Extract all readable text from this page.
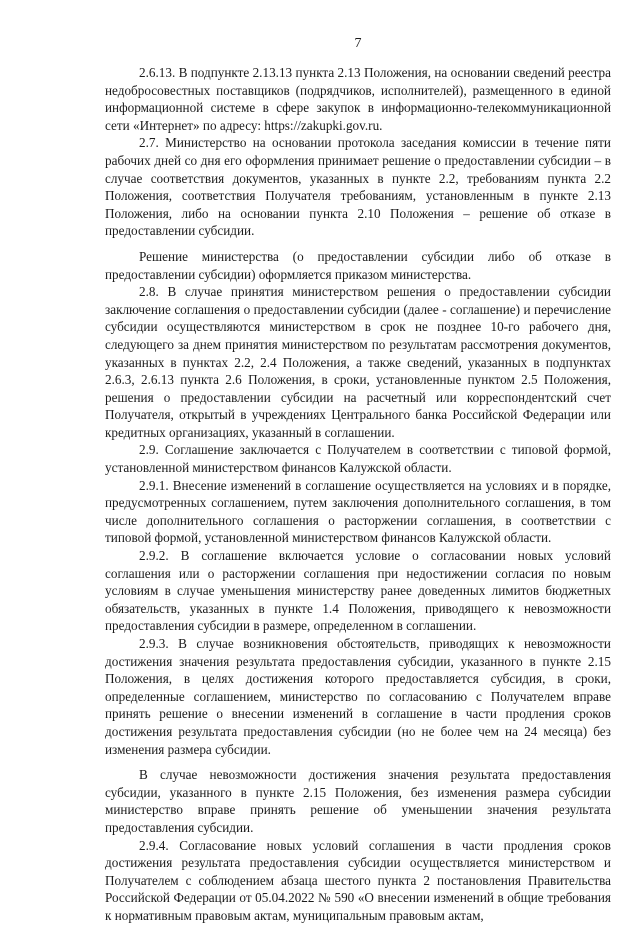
7

2.6.13. В подпункте 2.13.13 пункта 2.13 Положения, на основании сведений реестра недобросовестных поставщиков (подрядчиков, исполнителей), размещенного в единой информационной системе в сфере закупок в информационно-телекоммуникационной сети «Интернет» по адресу: https://zakupki.gov.ru.

2.7. Министерство на основании протокола заседания комиссии в течение пяти рабочих дней со дня его оформления принимает решение о предоставлении субсидии – в случае соответствия документов, указанных в пункте 2.2, требованиям пункта 2.2 Положения, соответствия Получателя требованиям, установленным в пункте 2.13 Положения, либо на основании пункта 2.10 Положения – решение об отказе в предоставлении субсидии.

Решение министерства (о предоставлении субсидии либо об отказе в предоставлении субсидии) оформляется приказом министерства.

2.8. В случае принятия министерством решения о предоставлении субсидии заключение соглашения о предоставлении субсидии (далее - соглашение) и перечисление субсидии осуществляются министерством в срок не позднее 10-го рабочего дня, следующего за днем принятия министерством по результатам рассмотрения документов, указанных в пунктах 2.2, 2.4 Положения, а также сведений, указанных в подпунктах 2.6.3, 2.6.13 пункта 2.6 Положения, в сроки, установленные пунктом 2.5 Положения, решения о предоставлении субсидии на расчетный или корреспондентский счет Получателя, открытый в учреждениях Центрального банка Российской Федерации или кредитных организациях, указанный в соглашении.

2.9. Соглашение заключается с Получателем в соответствии с типовой формой, установленной министерством финансов Калужской области.

2.9.1. Внесение изменений в соглашение осуществляется на условиях и в порядке, предусмотренных соглашением, путем заключения дополнительного соглашения, в том числе дополнительного соглашения о расторжении соглашения, в соответствии с типовой формой, установленной министерством финансов Калужской области.

2.9.2. В соглашение включается условие о согласовании новых условий соглашения или о расторжении соглашения при недостижении согласия по новым условиям в случае уменьшения министерству ранее доведенных лимитов бюджетных обязательств, указанных в пункте 1.4 Положения, приводящего к невозможности предоставления субсидии в размере, определенном в соглашении.

2.9.3. В случае возникновения обстоятельств, приводящих к невозможности достижения значения результата предоставления субсидии, указанного в пункте 2.15 Положения, в целях достижения которого предоставляется субсидия, в сроки, определенные соглашением, министерство по согласованию с Получателем вправе принять решение о внесении изменений в соглашение в части продления сроков достижения результата предоставления субсидии (но не более чем на 24 месяца) без изменения размера субсидии.

В случае невозможности достижения значения результата предоставления субсидии, указанного в пункте 2.15 Положения, без изменения размера субсидии министерство вправе принять решение об уменьшении значения результата предоставления субсидии.

2.9.4. Согласование новых условий соглашения в части продления сроков достижения результата предоставления субсидии осуществляется министерством и Получателем с соблюдением абзаца шестого пункта 2 постановления Правительства Российской Федерации от 05.04.2022 № 590 «О внесении изменений в общие требования к нормативным правовым актам, муниципальным правовым актам,
